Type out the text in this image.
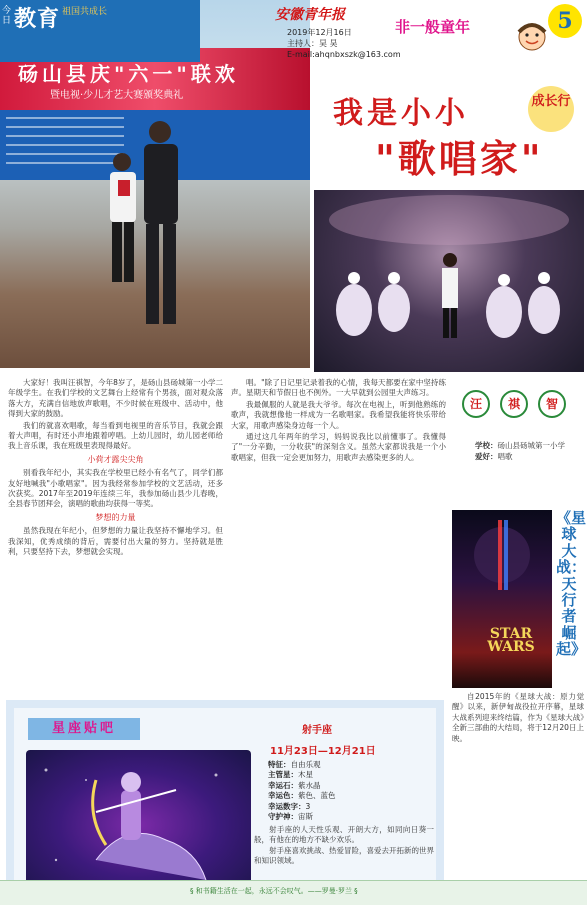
砀山县庆"六一"联欢
暨电视·少儿才艺大赛颁奖典礼
今日 教育 祖国共成长	安徽青年报
非一般童年
2019年12月16日
主持人：昊 昊
E-mail:ahqnbxszk@163.com
5
我是小小
"歌唱家"
成长行

大家好！我叫汪祺智，今年8岁了，是砀山县砀城第一小学二年级学生。在我们学校的文艺舞台上经常有个男孩，面对观众落落大方，充满自信地放声歌唱，不少时候在班级中、活动中，他得到大家的鼓励。

我们的就喜欢唱歌，每当看到电视里的音乐节目，我就会跟着大声唱，有时还小声地跟着哼唱。上幼儿园时，幼儿园老师给我上音乐课，我在班级里表现得最好。

小荷才露尖尖角

别看我年纪小，其实我在学校里已经小有名气了，同学们都友好地喊我"小歌唱家"。因为我经常参加学校的文艺活动，还多次获奖。2017年至2019年连续三年，我参加砀山县少儿春晚，全县春节团拜会，演唱的歌曲均获得一等奖。

梦想的力量

虽然我现在年纪小，但梦想的力量让我坚持不懈地学习。但我深知，优秀成绩的背后，需要付出大量的努力。坚持就是胜利，只要坚持下去，梦想就会实现。

唱。"除了日记里记录着我的心情，我每天都要在家中坚持练声。星期天和节假日也不例外。一大早就到公园里大声练习。

我最佩服的人就是我大爷爷。每次在电视上，听到他熟练的歌声，我就想像他一样成为一名歌唱家。我希望我能将快乐带给大家，用歌声感染身边每一个人。

通过这几年两年的学习，妈妈说我比以前懂事了。我懂得了"一分辛勤，一分收获"的深刻含义。虽然大家都说我是一个小歌唱家，但我一定会更加努力，用歌声去感染更多的人。

汪 祺 智
学校：砀山县砀城第一小学
爱好：唱歌
STAR WARS
《星球大战：天行者崛起》

自2015年的《星球大战：原力觉醒》以来，新伊甸战役拉开序幕，星球大战系列迎来终结篇，作为《星球大战》全新三部曲的大结局，将于12月20日上映。

星座贴吧	射手座
11月23日—12月21日
特征：自由乐观
主管星：木星
幸运石：紫水晶
幸运色：紫色、蓝色
幸运数字：3
守护神：宙斯

射手座的人天性乐观、开朗大方，如同向日葵一般，有他在的地方不缺少欢乐。

射手座喜欢挑战、热爱冒险，喜爱去开拓新的世界和知识领域。

§ 和书籍生活在一起，永远不会叹气。——罗曼·罗兰 §
